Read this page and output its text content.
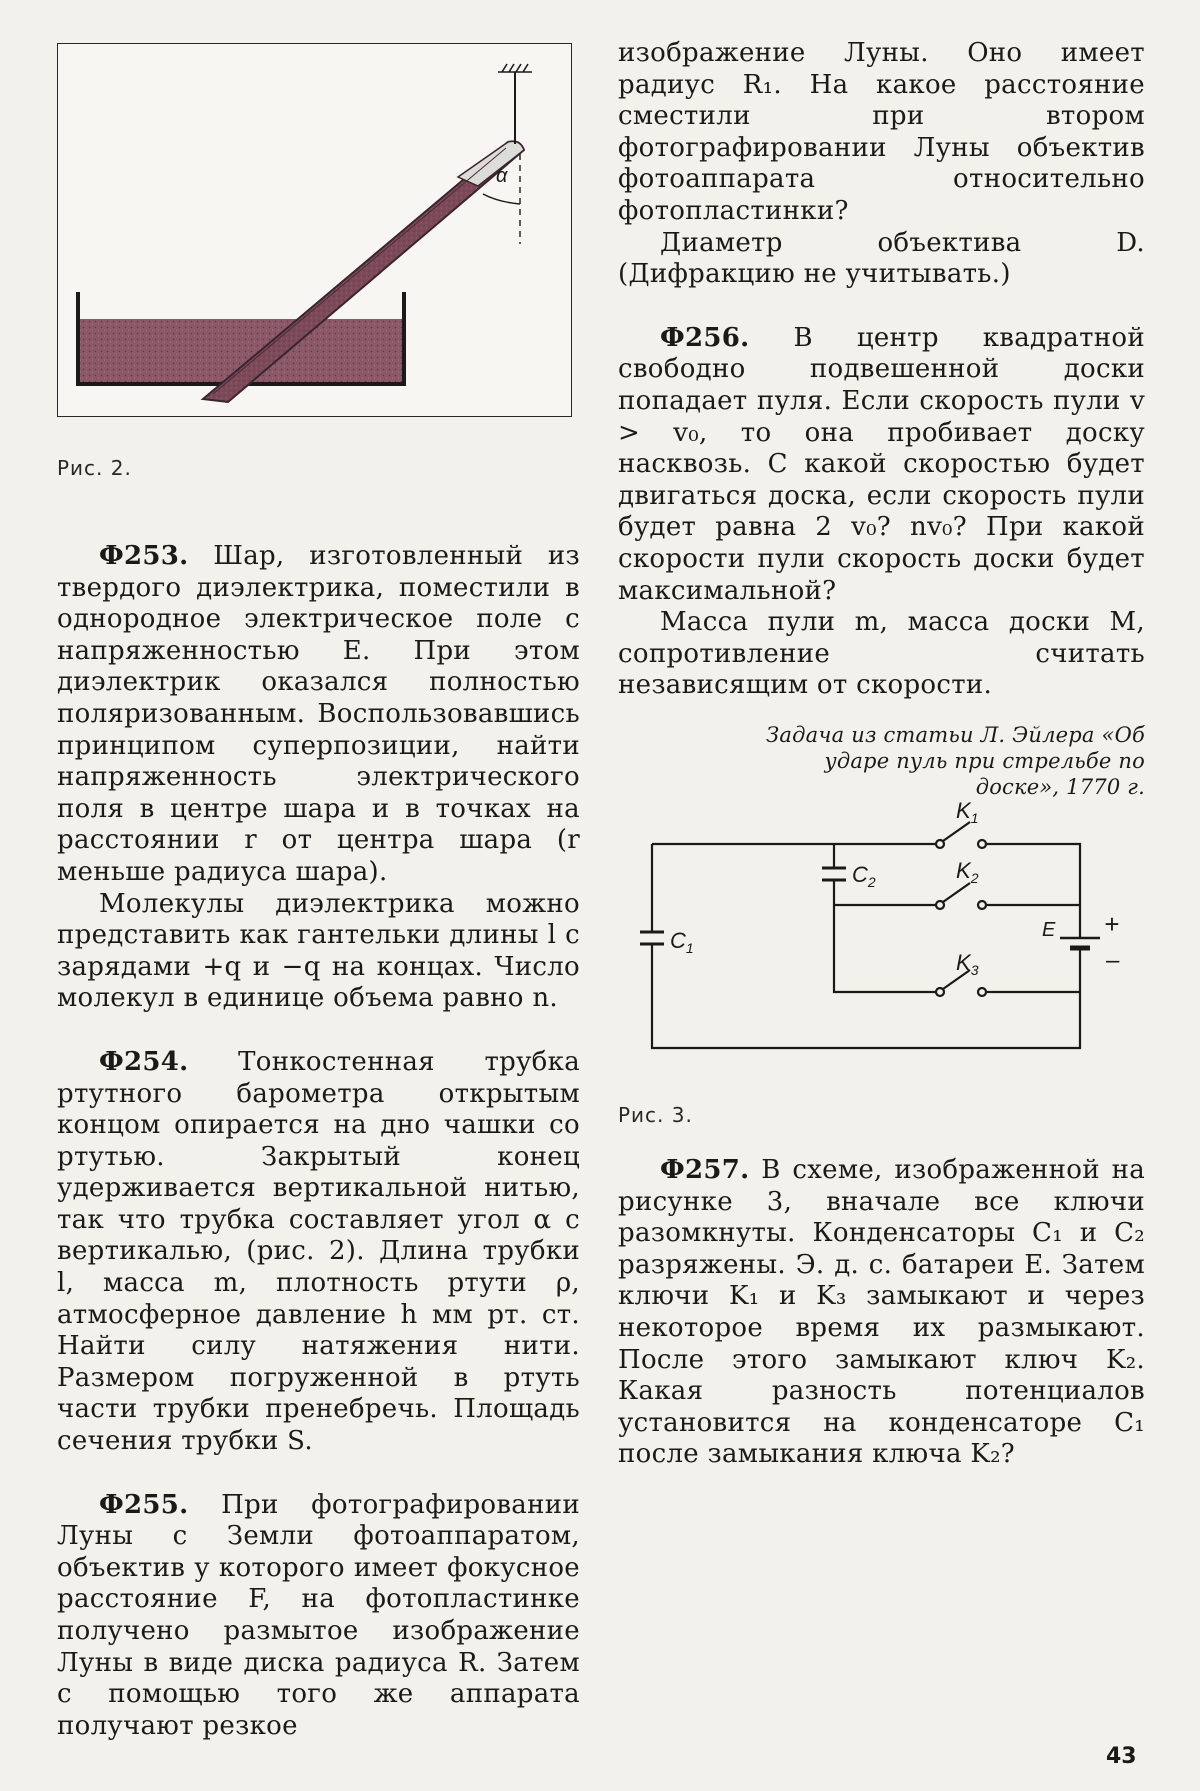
α
Рис. 2.

Ф253. Шар, изготовленный из твердого диэлектрика, поместили в однородное электрическое поле с напряженностью E. При этом диэлектрик оказался полностью поляризованным. Воспользовавшись принципом суперпозиции, найти напряженность электрического поля в центре шара и в точках на расстоянии r от центра шара (r меньше радиуса шара).

Молекулы диэлектрика можно представить как гантельки длины l с зарядами +q и −q на концах. Число молекул в единице объема равно n.

Ф254. Тонкостенная трубка ртутного барометра открытым концом опирается на дно чашки со ртутью. Закрытый конец удерживается вертикальной нитью, так что трубка составляет угол α с вертикалью, (рис. 2). Длина трубки l, масса m, плотность ртути ρ, атмосферное давление h мм рт. ст. Найти силу натяжения нити. Размером погруженной в ртуть части трубки пренебречь. Площадь сечения трубки S.

Ф255. При фотографировании Луны с Земли фотоаппаратом, объектив у которого имеет фокусное расстояние F, на фотопластинке получено размытое изображение Луны в виде диска радиуса R. Затем с помощью того же аппарата получают резкое

изображение Луны. Оно имеет радиус R₁. На какое расстояние сместили при втором фотографировании Луны объектив фотоаппарата относительно фотопластинки?

Диаметр объектива D. (Дифракцию не учитывать.)

Ф256. В центр квадратной свободно подвешенной доски попадает пуля. Если скорость пули v > v₀, то она пробивает доску насквозь. С какой скоростью будет двигаться доска, если скорость пули будет равна 2 v₀? nv₀? При какой скорости пули скорость доски будет максимальной?

Масса пули m, масса доски M, сопротивление считать независящим от скорости.

Задача из статьи Л. Эйлера «Об ударе пуль при стрельбе по доске», 1770 г.

$K_1$
$K_2$
$K_3$
$C_1$
$C_2$
E +
–
Рис. 3.

Ф257. В схеме, изображенной на рисунке 3, вначале все ключи разомкнуты. Конденсаторы C₁ и C₂ разряжены. Э. д. с. батареи E. Затем ключи K₁ и K₃ замыкают и через некоторое время их размыкают. После этого замыкают ключ K₂. Какая разность потенциалов установится на конденсаторе C₁ после замыкания ключа K₂?

43
